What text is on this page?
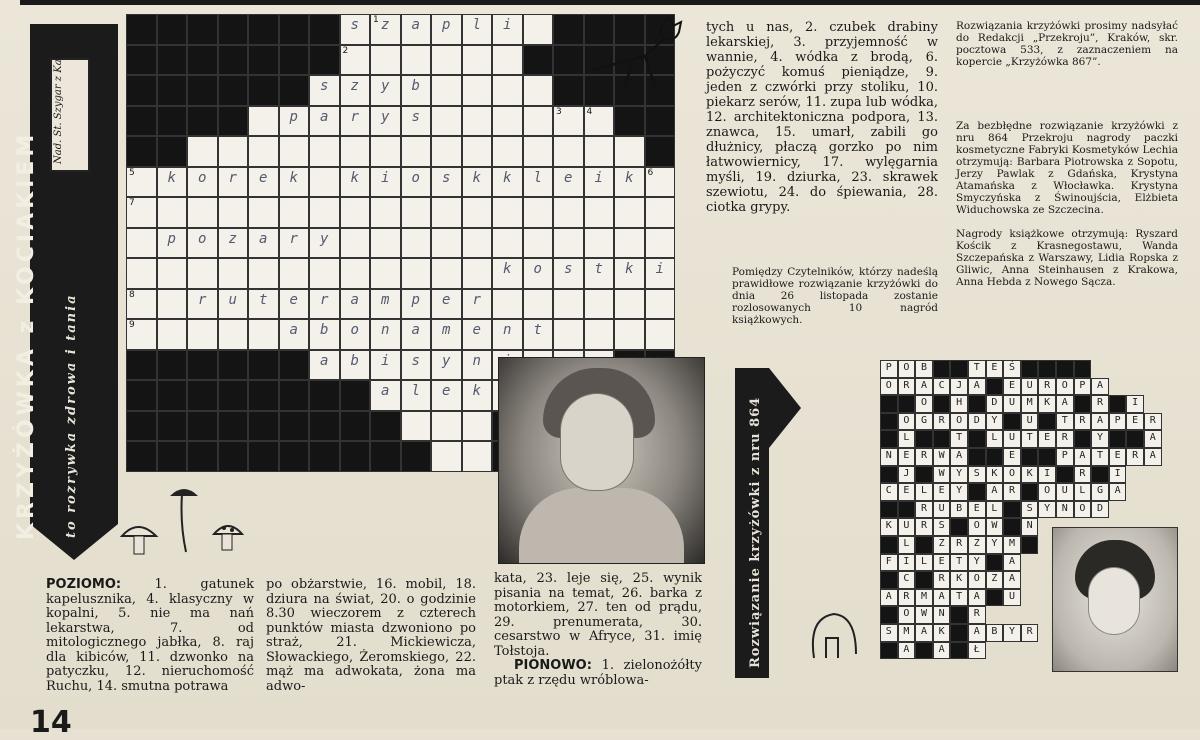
Nad. St. Szygar z Katowic
KRZYŻÓWKA z KOCIAKIEM to rozrywka zdrowa i tania
s	z
1	a	p	l	i
2
s	z	y	b
p	a	r	y	s	3	4
5	k	o	r	e	k	k	i	o	s	k	k	l	e	i	k	6
7
p	o	z	a	r	y
k	o	s	t	k	i
8	r	u	t	e	r	a	m	p	e	r
9	a	b	o	n	a	m	e	n	t
a	b	i	s	y	n
a	l	e	k
POZIOMO: 1. gatunek kapelusznika, 4. klasyczny w kopalni, 5. nie ma nań lekarstwa, 7. od mitologicznego jabłka, 8. raj dla kibiców, 11. dzwonko na patyczku, 12. nieruchomość Ruchu, 14. smutna potrawa
po obżarstwie, 16. mobil, 18. dziura na świat, 20. o godzinie 8.30 wieczorem z czterech punktów miasta dzwoniono po straż, 21. Mickiewicza, Słowackiego, Żeromskiego, 22. mąż ma adwokata, żona ma adwo-
kata, 23. leje się, 25. wynik pisania na temat, 26. barka z motorkiem, 27. ten od prądu, 29. prenumerata, 30. cesarstwo w Afryce, 31. imię Tołstoja.
PIONOWO: 1. zielonożółty ptak z rzędu wróblowa-
tych u nas, 2. czubek drabiny lekarskiej, 3. przyjemność w wannie, 4. wódka z brodą, 6. pożyczyć komuś pieniądze, 9. jeden z czwórki przy stoliku, 10. piekarz serów, 11. zupa lub wódka, 12. architektoniczna podpora, 13. znawca, 15. umarł, zabili go dłużnicy, płaczą gorzko po nim łatwowiernicy, 17. wylęgarnia myśli, 19. dziurka, 23. skrawek szewiotu, 24. do śpiewania, 28. ciotka grypy.
Pomiędzy Czytelników, którzy nadeślą prawidłowe rozwiązanie krzyżówki do dnia 26 listopada zostanie rozlosowanych 10 nagród książkowych.
Rozwiązania krzyżówki prosimy nadsyłać do Redakcji „Przekroju”, Kraków, skr. pocztowa 533, z zaznaczeniem na kopercie „Krzyżówka 867”.
Za bezbłędne rozwiązanie krzyżówki z nru 864 Przekroju nagrody paczki kosmetyczne Fabryki Kosmetyków Lechia otrzymują: Barbara Piotrowska z Sopotu, Jerzy Pawlak z Gdańska, Krystyna Atamańska z Włocławka. Krystyna Smyczyńska z Świnoujścia, Elżbieta Widuchowska ze Szczecina.
Nagrody książkowe otrzymują: Ryszard Kościk z Krasnegostawu, Wanda Szczepańska z Warszawy, Lidia Ropska z Gliwic, Anna Steinhausen z Krakowa, Anna Hebda z Nowego Sącza.
Rozwiązanie krzyżówki z nru 864
P	O	B	T	E	Ś
O	R	A	C	J	A	E	U	R	O	P	A
O	H	D	U	M	K	A	R	I
O	G	R	O	D	Y	U	T	R	A	P	E	R
L	T	L	U	T	E	R	Y	A
N	E	R	W	A	E	P	A	T	E	R	A
J	W	Y	S	K	O	K	I	R	I
C	E	L	E	Y	A	R	O	U	L	G	A
R	U	B	E	L	S	Y	N	O	D
K	U	R	S	O	W	N
L	Z	R	Z	Y	M
F	I	L	E	T	Y	A
C	R	K	O	Z	A
A	R	M	A	T	A	U
O	W	N	R
S	M	A	K	A	B	Y	R
A	A	Ł
14
